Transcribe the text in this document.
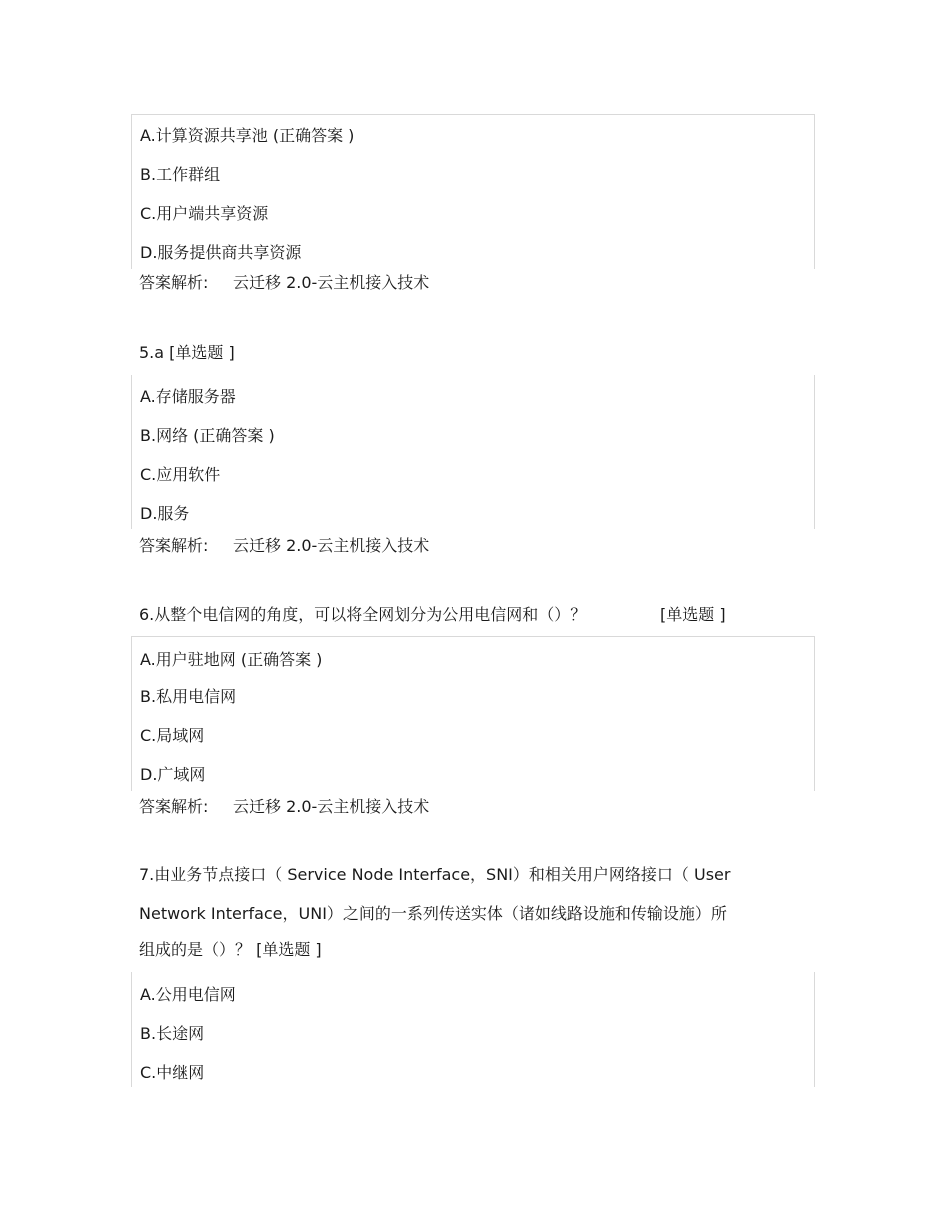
A.计算资源共享池 (正确答案 )
B.工作群组
C.用户端共享资源
D.服务提供商共享资源
答案解析: 云迁移 2.0-云主机接入技术
5.a [单选题 ]
A.存储服务器
B.网络 (正确答案 )
C.应用软件
D.服务
答案解析: 云迁移 2.0-云主机接入技术
6.从整个电信网的角度，可以将全网划分为公用电信网和（）？	[单选题 ]
A.用户驻地网 (正确答案 )
B.私用电信网
C.局域网
D.广域网
答案解析: 云迁移 2.0-云主机接入技术
7.由业务节点接口（ Service Node Interface，SNI）和相关用户网络接口（ User
Network Interface，UNI）之间的一系列传送实体（诸如线路设施和传输设施）所
组成的是（）？ [单选题 ]
A.公用电信网
B.长途网
C.中继网
